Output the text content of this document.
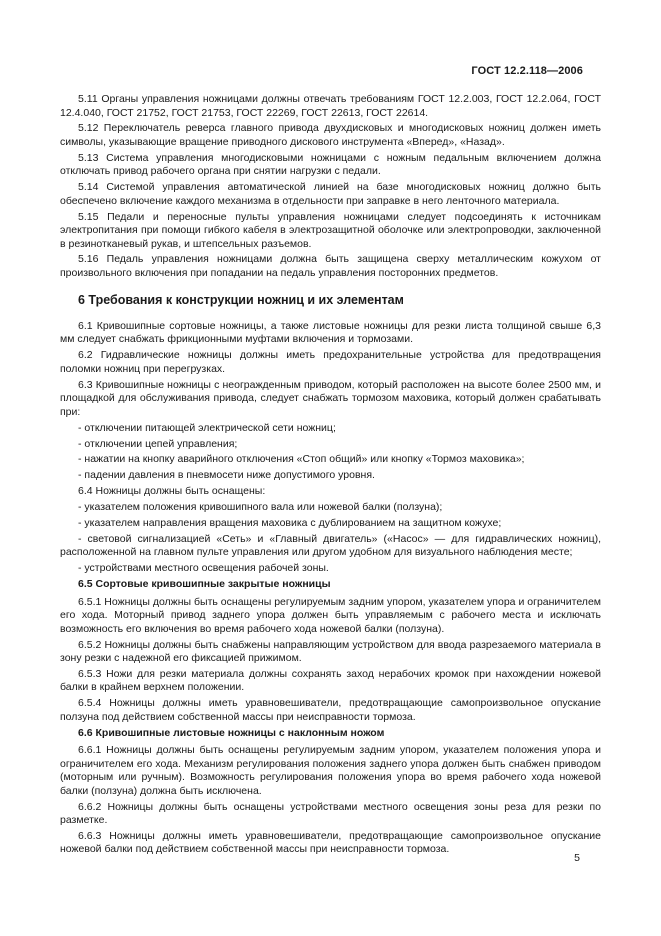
ГОСТ 12.2.118—2006

5.11 Органы управления ножницами должны отвечать требованиям ГОСТ 12.2.003, ГОСТ 12.2.064, ГОСТ 12.4.040, ГОСТ 21752, ГОСТ 21753, ГОСТ 22269, ГОСТ 22613, ГОСТ 22614.

5.12 Переключатель реверса главного привода двухдисковых и многодисковых ножниц должен иметь символы, указывающие вращение приводного дискового инструмента «Вперед», «Назад».

5.13 Система управления многодисковыми ножницами с ножным педальным включением должна отключать привод рабочего органа при снятии нагрузки с педали.

5.14 Системой управления автоматической линией на базе многодисковых ножниц должно быть обеспечено включение каждого механизма в отдельности при заправке в него ленточного материала.

5.15 Педали и переносные пульты управления ножницами следует подсоединять к источникам электропитания при помощи гибкого кабеля в электрозащитной оболочке или электропроводки, заключенной в резинотканевый рукав, и штепсельных разъемов.

5.16 Педаль управления ножницами должна быть защищена сверху металлическим кожухом от произвольного включения при попадании на педаль управления посторонних предметов.

6 Требования к конструкции ножниц и их элементам

6.1 Кривошипные сортовые ножницы, а также листовые ножницы для резки листа толщиной свыше 6,3 мм следует снабжать фрикционными муфтами включения и тормозами.

6.2 Гидравлические ножницы должны иметь предохранительные устройства для предотвращения поломки ножниц при перегрузках.

6.3 Кривошипные ножницы с неогражденным приводом, который расположен на высоте более 2500 мм, и площадкой для обслуживания привода, следует снабжать тормозом маховика, который должен срабатывать при:

- отключении питающей электрической сети ножниц;

- отключении цепей управления;

- нажатии на кнопку аварийного отключения «Стоп общий» или кнопку «Тормоз маховика»;

- падении давления в пневмосети ниже допустимого уровня.

6.4 Ножницы должны быть оснащены:

- указателем положения кривошипного вала или ножевой балки (ползуна);

- указателем направления вращения маховика с дублированием на защитном кожухе;

- световой сигнализацией «Сеть» и «Главный двигатель» («Насос» — для гидравлических ножниц), расположенной на главном пульте управления или другом удобном для визуального наблюдения месте;

- устройствами местного освещения рабочей зоны.

6.5 Сортовые кривошипные закрытые ножницы

6.5.1 Ножницы должны быть оснащены регулируемым задним упором, указателем упора и ограничителем его хода. Моторный привод заднего упора должен быть управляемым с рабочего места и исключать возможность его включения во время рабочего хода ножевой балки (ползуна).

6.5.2 Ножницы должны быть снабжены направляющим устройством для ввода разрезаемого материала в зону резки с надежной его фиксацией прижимом.

6.5.3 Ножи для резки материала должны сохранять заход нерабочих кромок при нахождении ножевой балки в крайнем верхнем положении.

6.5.4 Ножницы должны иметь уравновешиватели, предотвращающие самопроизвольное опускание ползуна под действием собственной массы при неисправности тормоза.

6.6 Кривошипные листовые ножницы с наклонным ножом

6.6.1 Ножницы должны быть оснащены регулируемым задним упором, указателем положения упора и ограничителем его хода. Механизм регулирования положения заднего упора должен быть снабжен приводом (моторным или ручным). Возможность регулирования положения упора во время рабочего хода ножевой балки (ползуна) должна быть исключена.

6.6.2 Ножницы должны быть оснащены устройствами местного освещения зоны реза для резки по разметке.

6.6.3 Ножницы должны иметь уравновешиватели, предотвращающие самопроизвольное опускание ножевой балки под действием собственной массы при неисправности тормоза.

5
